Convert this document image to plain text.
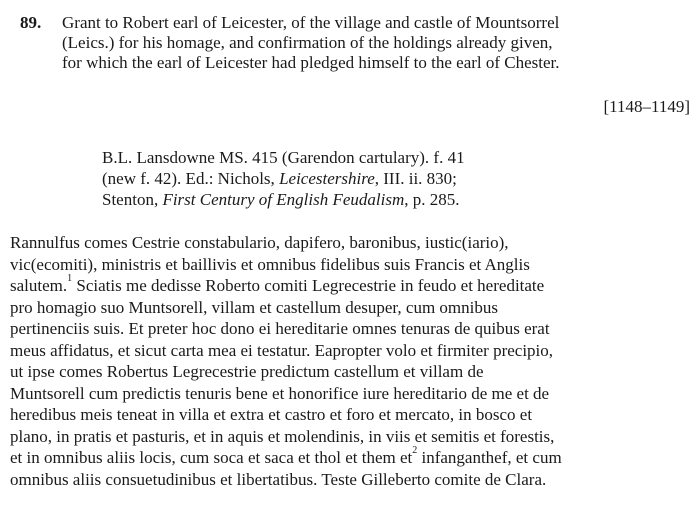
89. Grant to Robert earl of Leicester, of the village and castle of Mountsorrel
(Leics.) for his homage, and confirmation of the holdings already given,
for which the earl of Leicester had pledged himself to the earl of Chester.
[1148–1149]
B.L. Lansdowne MS. 415 (Garendon cartulary). f. 41
(new f. 42). Ed.: Nichols, Leicestershire, III. ii. 830;
Stenton, First Century of English Feudalism, p. 285.
Rannulfus comes Cestrie constabulario, dapifero, baronibus, iustic(iario),
vic(ecomiti), ministris et baillivis et omnibus fidelibus suis Francis et Anglis
salutem.$^1$ Sciatis me dedisse Roberto comiti Legrecestrie in feudo et hereditate
pro homagio suo Muntsorell, villam et castellum desuper, cum omnibus
pertinenciis suis. Et preter hoc dono ei hereditarie omnes tenuras de quibus erat
meus affidatus, et sicut carta mea ei testatur. Eapropter volo et firmiter precipio,
ut ipse comes Robertus Legrecestrie predictum castellum et villam de
Muntsorell cum predictis tenuris bene et honorifice iure hereditario de me et de
heredibus meis teneat in villa et extra et castro et foro et mercato, in bosco et
plano, in pratis et pasturis, et in aquis et molendinis, in viis et semitis et forestis,
et in omnibus aliis locis, cum soca et saca et thol et them $et^2$ infanganthef, et cum
omnibus aliis consuetudinibus et libertatibus. Teste Gilleberto comite de Clara.
